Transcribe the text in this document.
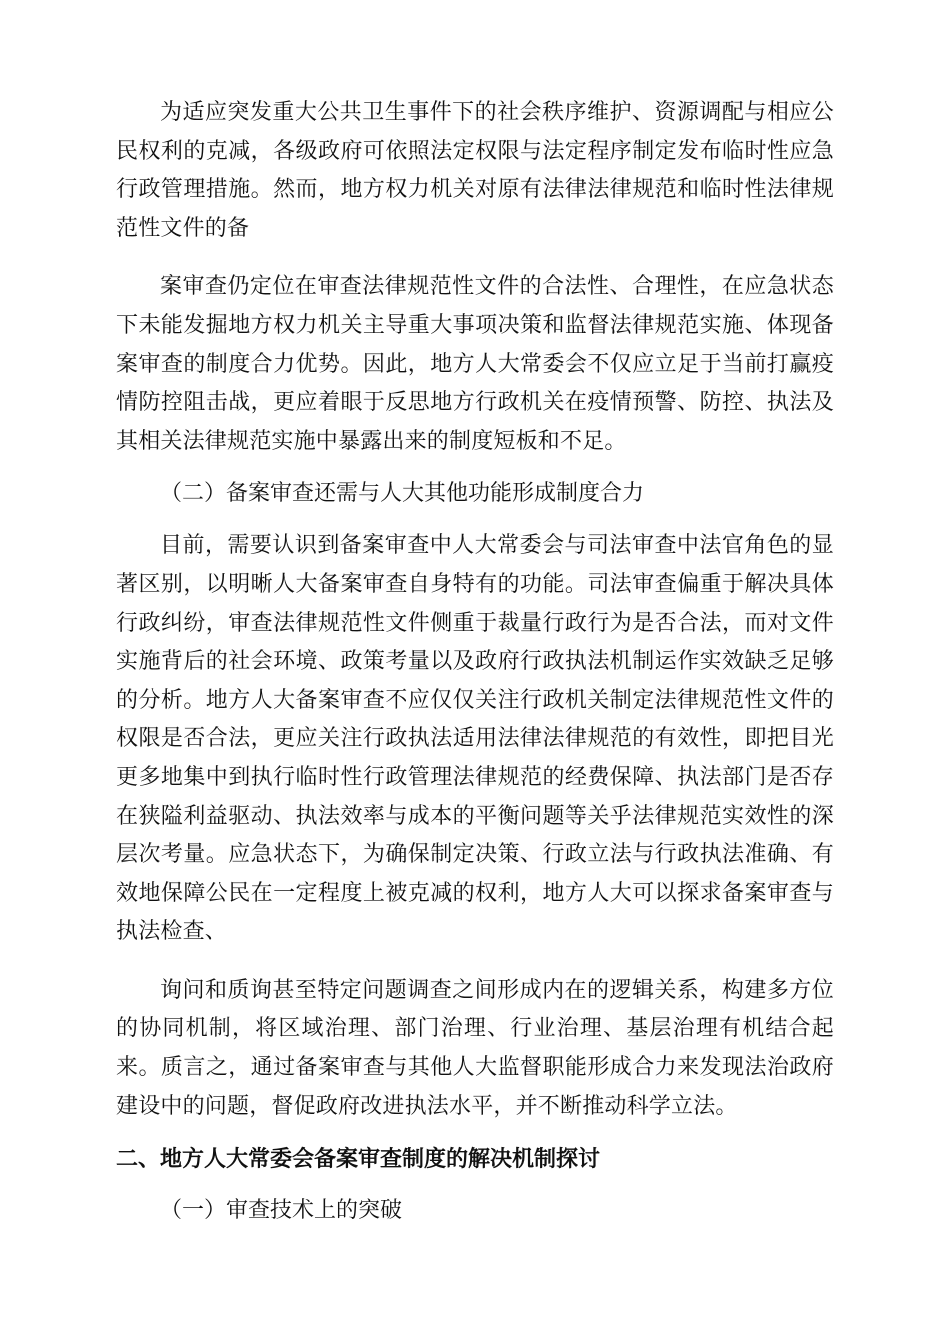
为适应突发重大公共卫生事件下的社会秩序维护、资源调配与相应公民权利的克减，各级政府可依照法定权限与法定程序制定发布临时性应急行政管理措施。然而，地方权力机关对原有法律法律规范和临时性法律规范性文件的备

案审查仍定位在审查法律规范性文件的合法性、合理性，在应急状态下未能发掘地方权力机关主导重大事项决策和监督法律规范实施、体现备案审查的制度合力优势。因此，地方人大常委会不仅应立足于当前打赢疫情防控阻击战，更应着眼于反思地方行政机关在疫情预警、防控、执法及其相关法律规范实施中暴露出来的制度短板和不足。

（二）备案审查还需与人大其他功能形成制度合力

目前，需要认识到备案审查中人大常委会与司法审查中法官角色的显著区别，以明晰人大备案审查自身特有的功能。司法审查偏重于解决具体行政纠纷，审查法律规范性文件侧重于裁量行政行为是否合法，而对文件实施背后的社会环境、政策考量以及政府行政执法机制运作实效缺乏足够的分析。地方人大备案审查不应仅仅关注行政机关制定法律规范性文件的权限是否合法，更应关注行政执法适用法律法律规范的有效性，即把目光更多地集中到执行临时性行政管理法律规范的经费保障、执法部门是否存在狭隘利益驱动、执法效率与成本的平衡问题等关乎法律规范实效性的深层次考量。应急状态下，为确保制定决策、行政立法与行政执法准确、有效地保障公民在一定程度上被克减的权利，地方人大可以探求备案审查与执法检查、

询问和质询甚至特定问题调查之间形成内在的逻辑关系，构建多方位的协同机制，将区域治理、部门治理、行业治理、基层治理有机结合起来。质言之，通过备案审查与其他人大监督职能形成合力来发现法治政府建设中的问题，督促政府改进执法水平，并不断推动科学立法。

二、地方人大常委会备案审查制度的解决机制探讨

（一）审查技术上的突破
